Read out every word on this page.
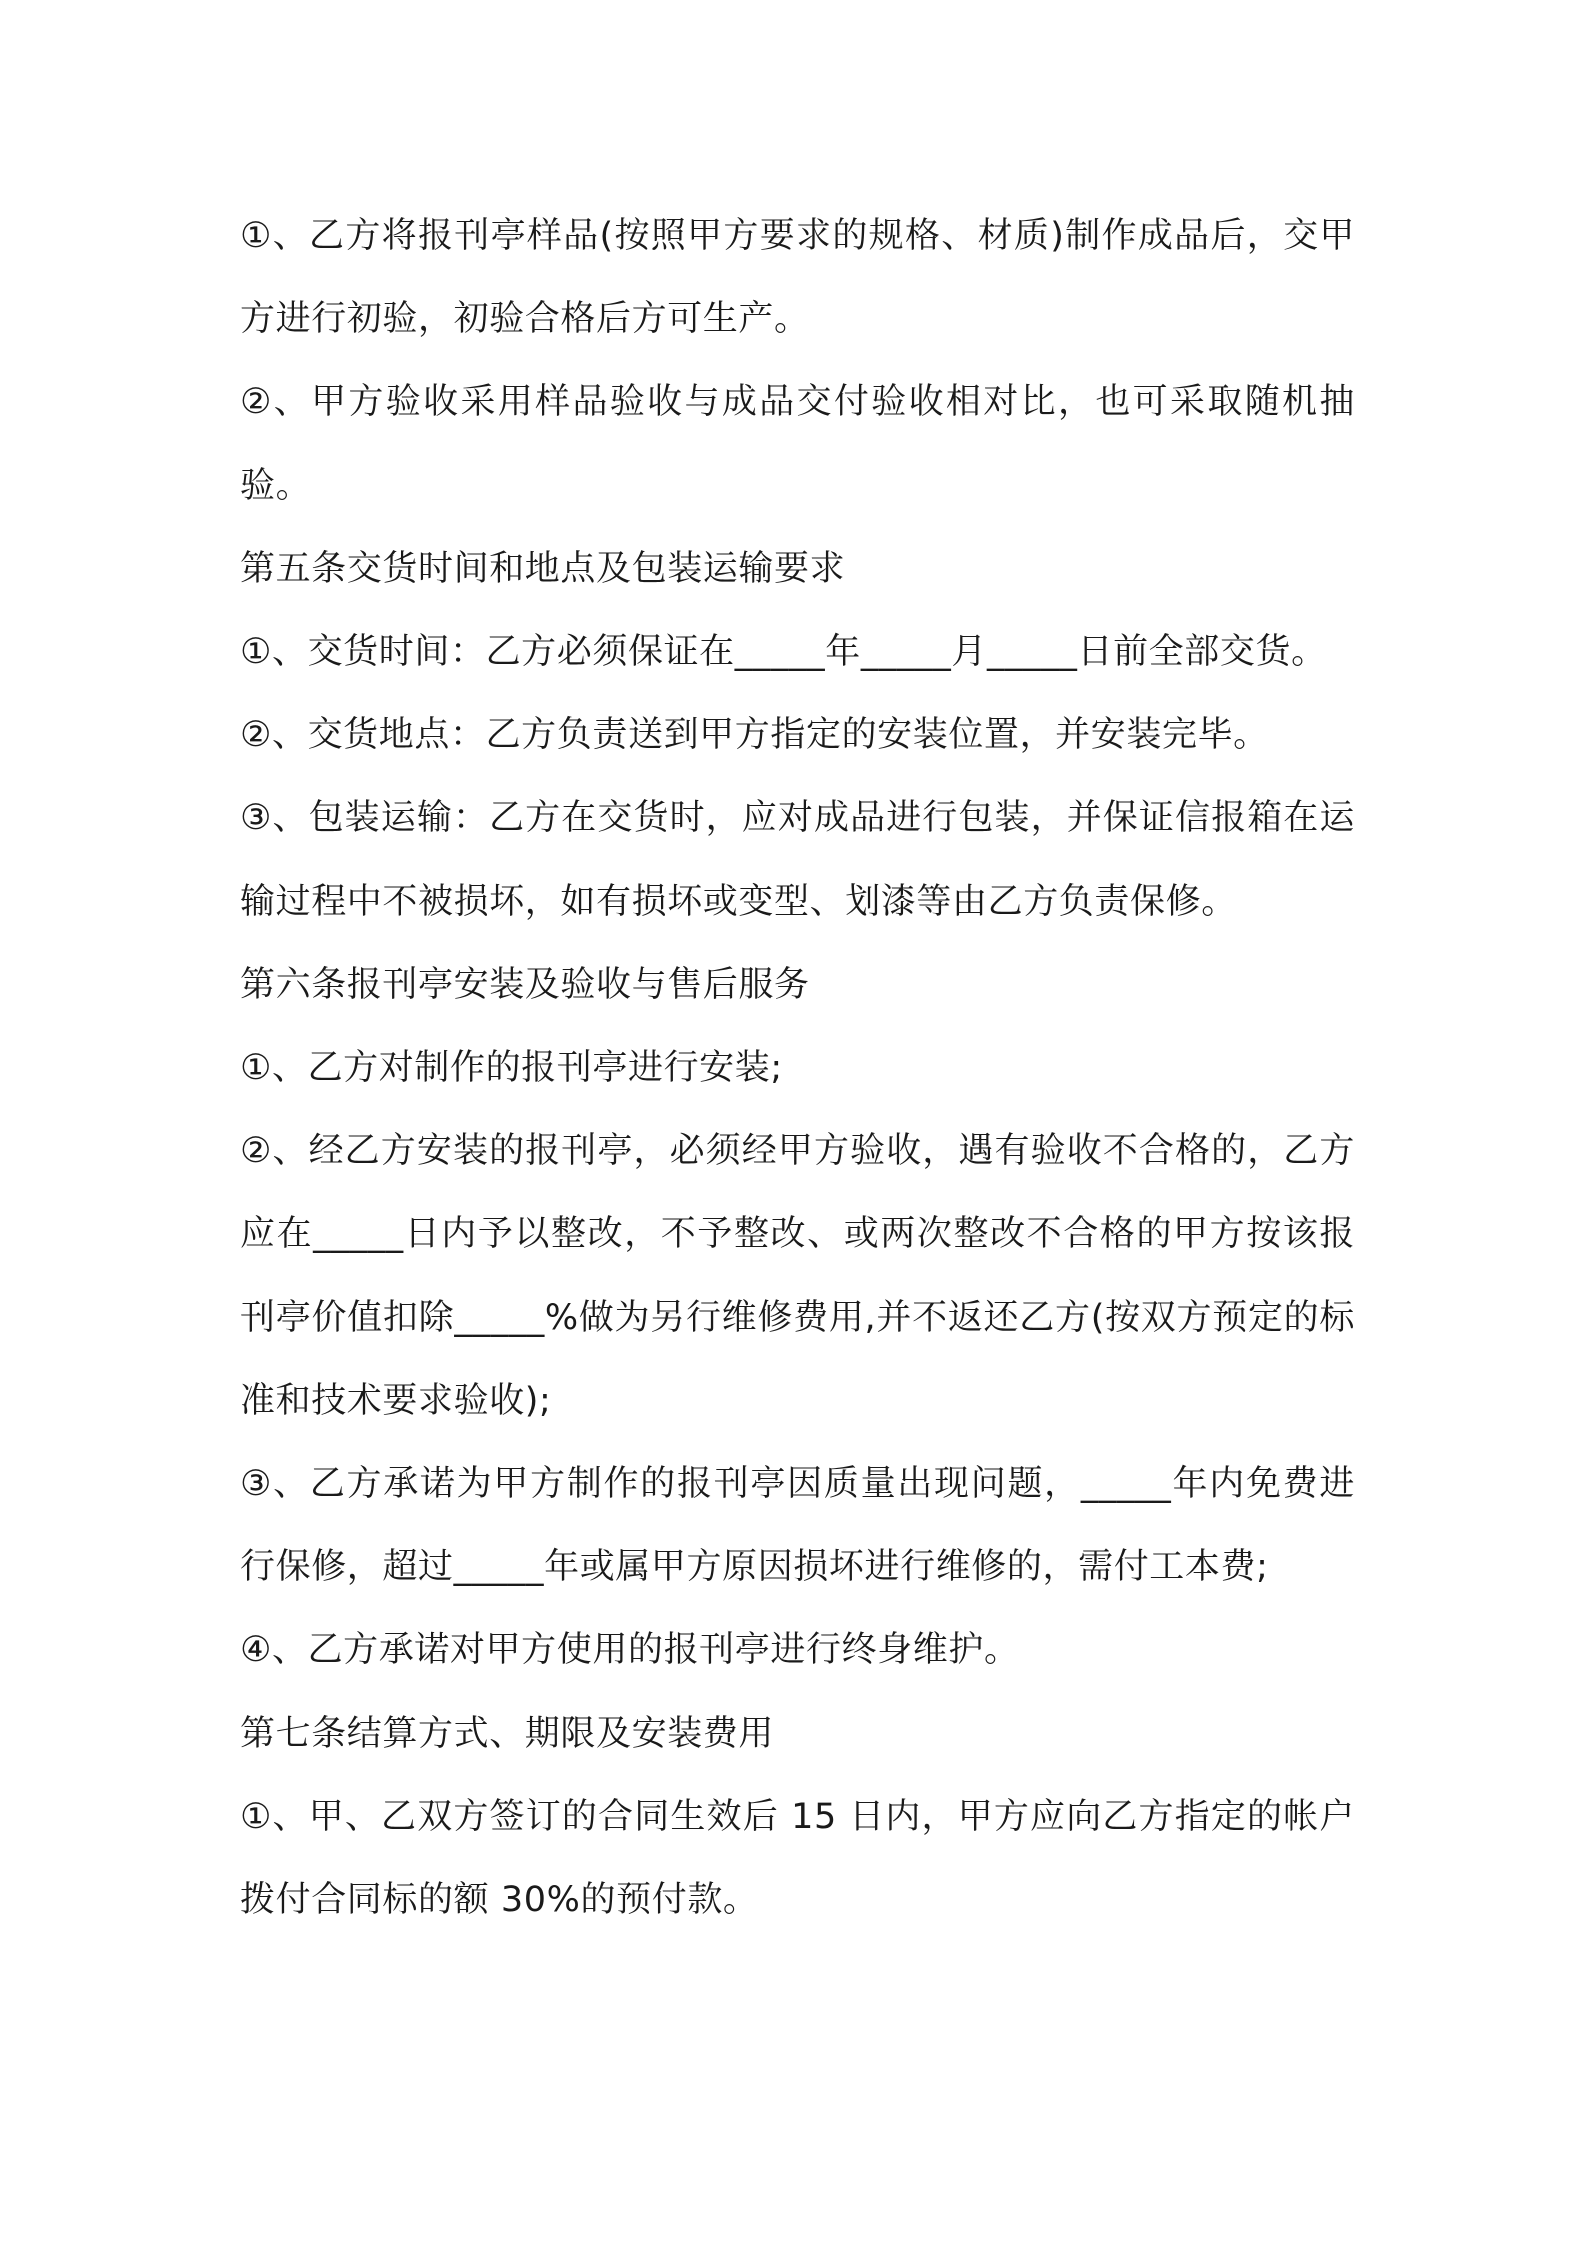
①、乙方将报刊亭样品(按照甲方要求的规格、材质)制作成品后，交甲方进行初验，初验合格后方可生产。

②、甲方验收采用样品验收与成品交付验收相对比，也可采取随机抽验。

第五条交货时间和地点及包装运输要求

①、交货时间：乙方必须保证在_____年_____月_____日前全部交货。

②、交货地点：乙方负责送到甲方指定的安装位置，并安装完毕。

③、包装运输：乙方在交货时，应对成品进行包装，并保证信报箱在运输过程中不被损坏，如有损坏或变型、划漆等由乙方负责保修。

第六条报刊亭安装及验收与售后服务

①、乙方对制作的报刊亭进行安装;

②、经乙方安装的报刊亭，必须经甲方验收，遇有验收不合格的，乙方应在_____日内予以整改，不予整改、或两次整改不合格的甲方按该报刊亭价值扣除_____%做为另行维修费用,并不返还乙方(按双方预定的标准和技术要求验收);

③、乙方承诺为甲方制作的报刊亭因质量出现问题，_____年内免费进行保修，超过_____年或属甲方原因损坏进行维修的，需付工本费;

④、乙方承诺对甲方使用的报刊亭进行终身维护。

第七条结算方式、期限及安装费用

①、甲、乙双方签订的合同生效后 15 日内，甲方应向乙方指定的帐户拨付合同标的额 30%的预付款。
